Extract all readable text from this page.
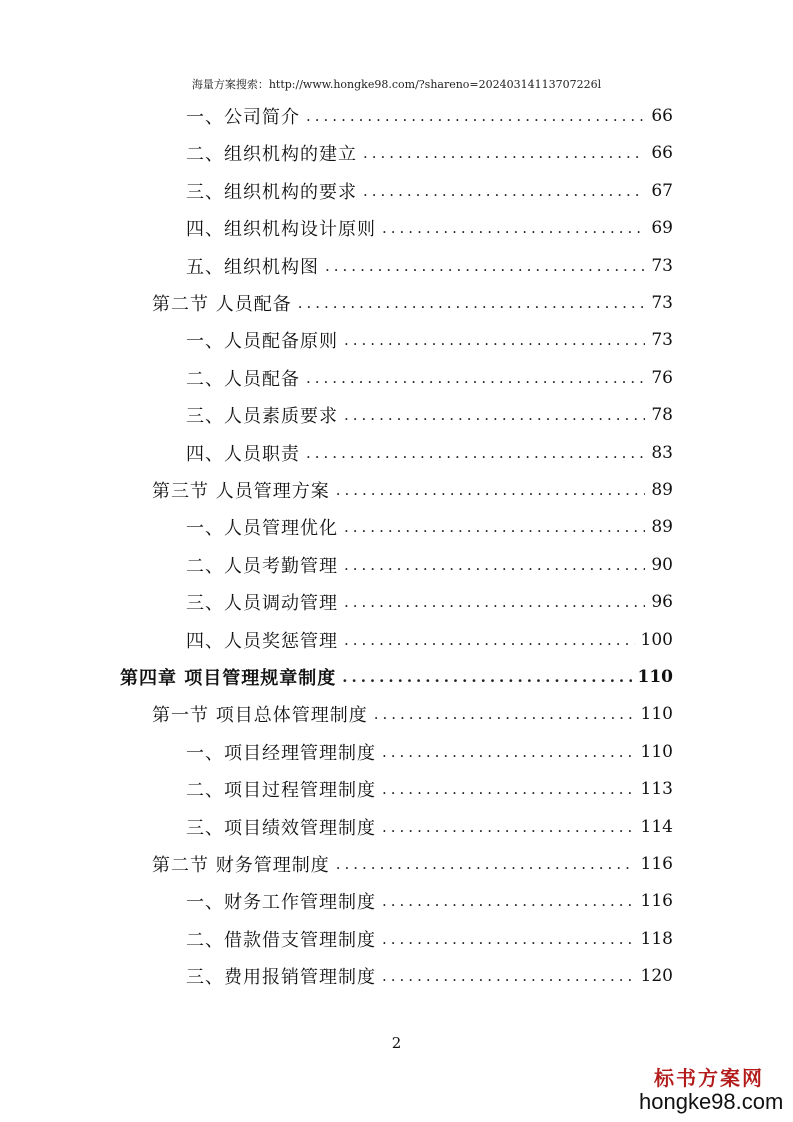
海量方案搜索：http://www.hongke98.com/?shareno=20240314113707226l
一、公司简介 .....	66
二、组织机构的建立 .....	66
三、组织机构的要求 .....	67
四、组织机构设计原则 .....	69
五、组织机构图 .....	73
第二节 人员配备 .....	73
一、人员配备原则 .....	73
二、人员配备 .....	76
三、人员素质要求 .....	78
四、人员职责 .....	83
第三节 人员管理方案 .....	89
一、人员管理优化 .....	89
二、人员考勤管理 .....	90
三、人员调动管理 .....	96
四、人员奖惩管理 .....	100
第四章 项目管理规章制度 .....	110
第一节 项目总体管理制度 .....	110
一、项目经理管理制度 .....	110
二、项目过程管理制度 .....	113
三、项目绩效管理制度 .....	114
第二节 财务管理制度 .....	116
一、财务工作管理制度 .....	116
二、借款借支管理制度 .....	118
三、费用报销管理制度 .....	120
2
标书方案网
hongke98.com
